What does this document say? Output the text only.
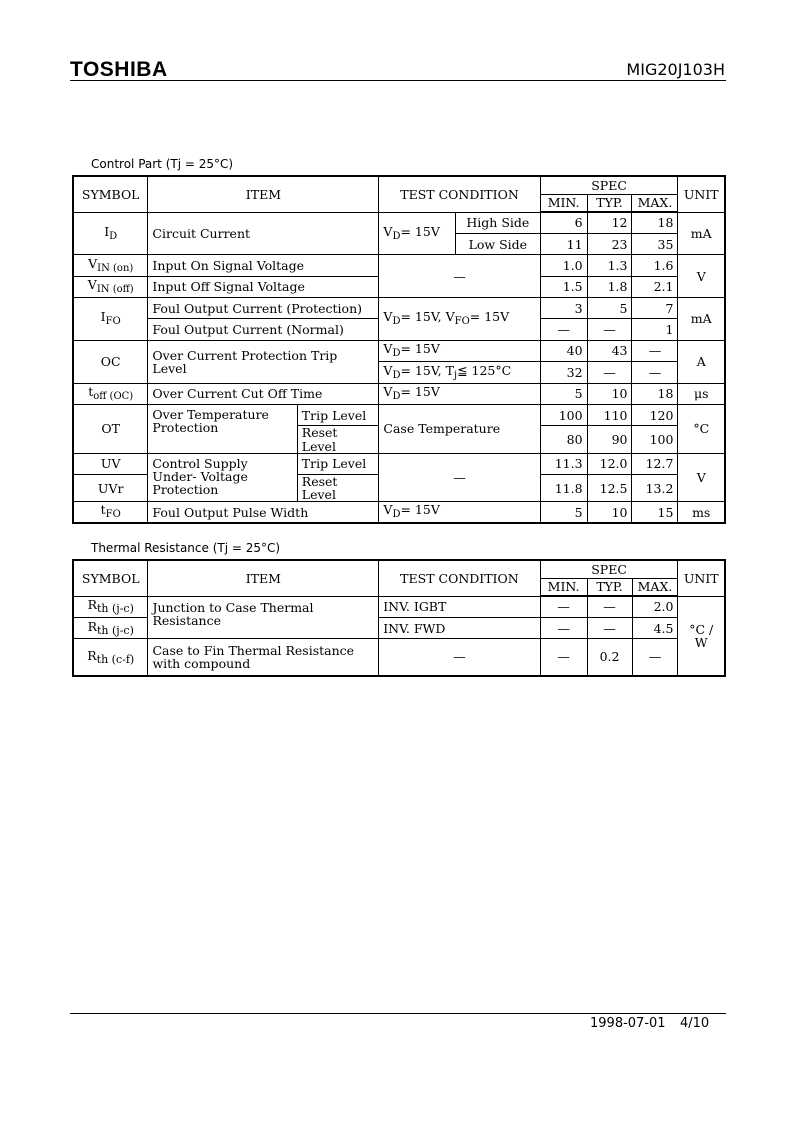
TOSHIBA	MIG20J103H
Control Part (Tj = 25°C)
SYMBOL	ITEM		TEST CONDITION		SPEC			UNIT
					MIN.	TYP.	MAX.	
$I_D$	Circuit Current		$V_D= 15V$	High Side	6	12	18	mA
				Low Side	11	23	35	
$V_{IN (on)}$	Input On Signal Voltage		—		1.0	1.3	1.6	V
$V_{IN (off)}$	Input Off Signal Voltage				1.5	1.8	2.1	
$I_{FO}$	Foul Output Current (Protection)		$V_D= 15V$, $V_{FO}= 15V$		3	5	7	mA
	Foul Output Current (Normal)				—	—	1	
OC	Over Current Protection Trip Level		$V_D= 15V$		40	43	—	A
			$V_D= 15V$, $T_j≦$ 125°C		32	—	—	
$t_{off (OC)}$	Over Current Cut Off Time		$V_D= 15V$		5	10	18	μs
OT	Over Temperature Protection	Trip Level	Case Temperature		100	110	120	°C
		Reset Level			80	90	100	
UV	Control Supply Under- Voltage Protection	Trip Level	—		11.3	12.0	12.7	V
UVr		Reset Level			11.8	12.5	13.2	
$t_{FO}$	Foul Output Pulse Width		$V_D= 15V$		5	10	15	ms
Thermal Resistance (Tj = 25°C)
SYMBOL	ITEM	TEST CONDITION	SPEC			UNIT
			MIN.	TYP.	MAX.	
$R_{th (j-c)}$	Junction to Case Thermal Resistance	INV. IGBT	—	—	2.0	°C / W
$R_{th (j-c)}$		INV. FWD	—	—	4.5	
$R_{th (c-f)}$	Case to Fin Thermal Resistance with compound	—	—	0.2	—	
1998-07-01 4/10
